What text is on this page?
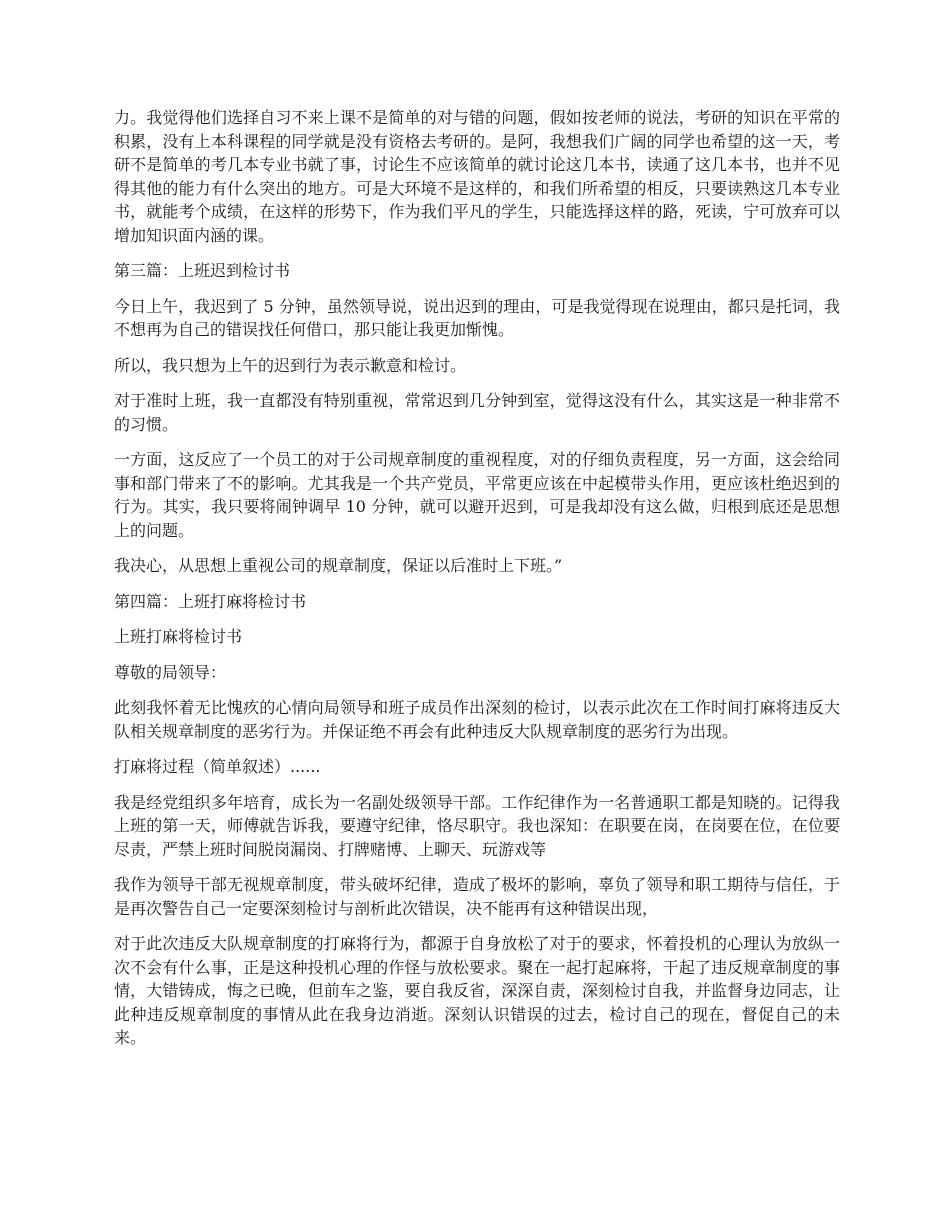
力。我觉得他们选择自习不来上课不是简单的对与错的问题，假如按老师的说法，考研的知识在平常的积累，没有上本科课程的同学就是没有资格去考研的。是阿，我想我们广阔的同学也希望的这一天，考研不是简单的考几本专业书就了事，讨论生不应该简单的就讨论这几本书，读通了这几本书，也并不见得其他的能力有什么突出的地方。可是大环境不是这样的，和我们所希望的相反，只要读熟这几本专业书，就能考个成绩，在这样的形势下，作为我们平凡的学生，只能选择这样的路，死读，宁可放弃可以增加知识面内涵的课。

第三篇：上班迟到检讨书

今日上午，我迟到了 5 分钟，虽然领导说，说出迟到的理由，可是我觉得现在说理由，都只是托词，我不想再为自己的错误找任何借口，那只能让我更加惭愧。

所以，我只想为上午的迟到行为表示歉意和检讨。

对于准时上班，我一直都没有特别重视，常常迟到几分钟到室，觉得这没有什么，其实这是一种非常不的习惯。

一方面，这反应了一个员工的对于公司规章制度的重视程度，对的仔细负责程度，另一方面，这会给同事和部门带来了不的影响。尤其我是一个共产党员，平常更应该在中起模带头作用，更应该杜绝迟到的行为。其实，我只要将闹钟调早 10 分钟，就可以避开迟到，可是我却没有这么做，归根到底还是思想上的问题。

我决心，从思想上重视公司的规章制度，保证以后准时上下班。”

第四篇：上班打麻将检讨书

上班打麻将检讨书

尊敬的局领导：

此刻我怀着无比愧疚的心情向局领导和班子成员作出深刻的检讨，以表示此次在工作时间打麻将违反大队相关规章制度的恶劣行为。并保证绝不再会有此种违反大队规章制度的恶劣行为出现。

打麻将过程（简单叙述）......

我是经党组织多年培育，成长为一名副处级领导干部。工作纪律作为一名普通职工都是知晓的。记得我上班的第一天，师傅就告诉我，要遵守纪律，恪尽职守。我也深知：在职要在岗，在岗要在位，在位要尽责，严禁上班时间脱岗漏岗、打牌赌博、上聊天、玩游戏等

我作为领导干部无视规章制度，带头破坏纪律，造成了极坏的影响，辜负了领导和职工期待与信任，于是再次警告自己一定要深刻检讨与剖析此次错误，决不能再有这种错误出现，

对于此次违反大队规章制度的打麻将行为，都源于自身放松了对于的要求，怀着投机的心理认为放纵一次不会有什么事，正是这种投机心理的作怪与放松要求。聚在一起打起麻将，干起了违反规章制度的事情，大错铸成，悔之已晚，但前车之鉴，要自我反省，深深自责，深刻检讨自我，并监督身边同志，让此种违反规章制度的事情从此在我身边消逝。深刻认识错误的过去，检讨自己的现在，督促自己的未来。
